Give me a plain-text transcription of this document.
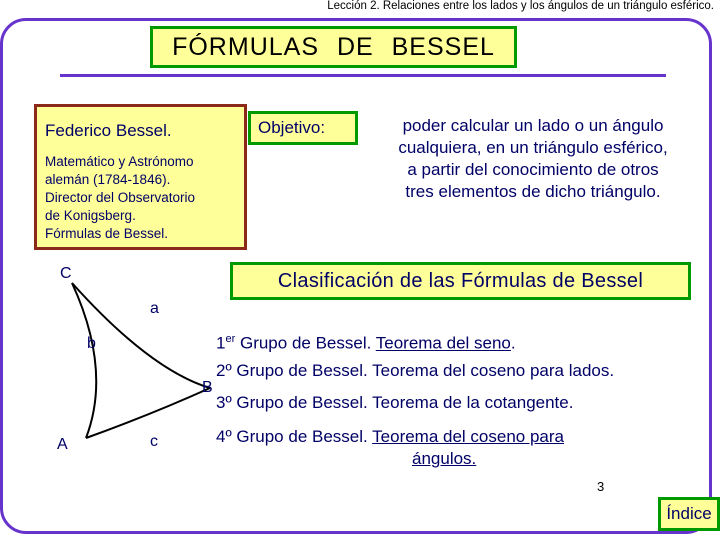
Lección 2. Relaciones entre los lados y los ángulos de un triángulo esférico.
FÓRMULAS DE BESSEL
Federico Bessel.
Matemático y Astrónomo
alemán (1784-1846).
Director del Observatorio
de Konigsberg.
Fórmulas de Bessel.
Objetivo:	poder calcular un lado o un ángulo
cualquiera, en un triángulo esférico,
a partir del conocimiento de otros
tres elementos de dicho triángulo.
Clasificación de las Fórmulas de Bessel
C
a
b
A	c
B
1er Grupo de Bessel. Teorema del seno.
2º Grupo de Bessel. Teorema del coseno para lados.
3º Grupo de Bessel. Teorema de la cotangente.
4º Grupo de Bessel. Teorema del coseno para
ángulos.
3
Índice
